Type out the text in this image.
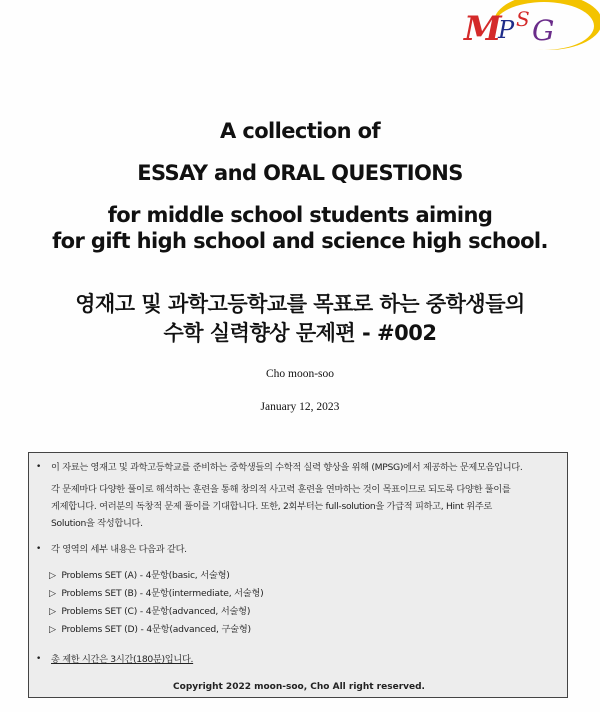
M
P S G

A collection of

ESSAY and ORAL QUESTIONS

for middle school students aiming

for gift high school and science high school.

영재고 및 과학고등학교를 목표로 하는 중학생들의

수학 실력향상 문제편 - #002

Cho moon-soo
January 12, 2023
• 이 자료는 영재고 및 과학고등학교를 준비하는 중학생들의 수학적 실력 향상을 위해 (MPSG)에서 제공하는 문제모음입니다.
각 문제마다 다양한 풀이로 해석하는 훈련을 통해 창의적 사고력 훈련을 연마하는 것이 목표이므로 되도록 다양한 풀이를
게제합니다. 여러분의 독창적 문제 풀이를 기대합니다. 또한, 2회부터는 full-solution을 가급적 피하고, Hint 위주로
Solution을 작성합니다.
• 각 영역의 세부 내용은 다음과 같다.
▷ Problems SET (A) - 4문항(basic, 서술형)
▷ Problems SET (B) - 4문항(intermediate, 서술형)
▷ Problems SET (C) - 4문항(advanced, 서술형)
▷ Problems SET (D) - 4문항(advanced, 구술형)
• 총 제한 시간은 3시간(180분)입니다.
Copyright 2022 moon-soo, Cho All right reserved.
